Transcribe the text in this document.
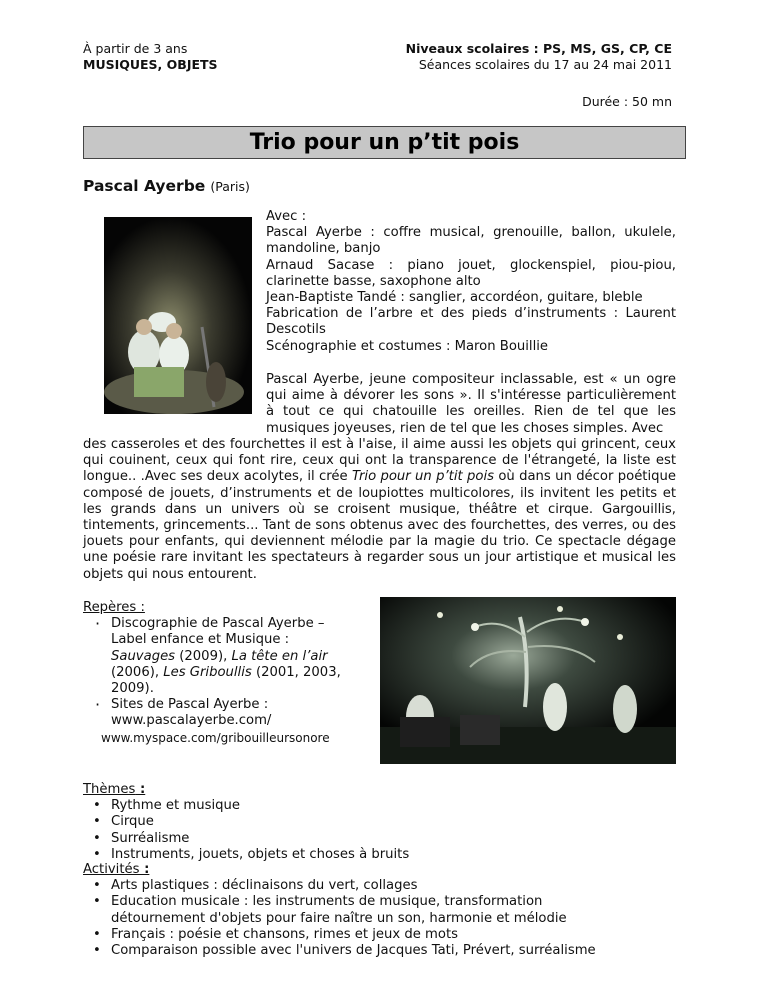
À partir de 3 ans
MUSIQUES, OBJETS
Niveaux scolaires : PS, MS, GS, CP, CE
Séances scolaires du 17 au 24 mai 2011
Durée : 50 mn
Trio pour un p’tit pois
Pascal Ayerbe (Paris)
Avec :
Pascal Ayerbe : coffre musical, grenouille, ballon, ukulele, mandoline, banjo
Arnaud Sacase : piano jouet, glockenspiel, piou-piou, clarinette basse, saxophone alto
Jean-Baptiste Tandé : sanglier, accordéon, guitare, bleble
Fabrication de l’arbre et des pieds d’instruments : Laurent Descotils
Scénographie et costumes : Maron Bouillie
Pascal Ayerbe, jeune compositeur inclassable, est « un ogre qui aime à dévorer les sons ». Il s'intéresse particulièrement à tout ce qui chatouille les oreilles. Rien de tel que les musiques joyeuses, rien de tel que les choses simples. Avec
des casseroles et des fourchettes il est à l'aise, il aime aussi les objets qui grincent, ceux qui couinent, ceux qui font rire, ceux qui ont la transparence de l'étrangeté, la liste est longue.. .Avec ses deux acolytes, il crée Trio pour un p’tit pois où dans un décor poétique composé de jouets, d’instruments et de loupiottes multicolores, ils invitent les petits et les grands dans un univers où se croisent musique, théâtre et cirque. Gargouillis, tintements, grincements... Tant de sons obtenus avec des fourchettes, des verres, ou des jouets pour enfants, qui deviennent mélodie par la magie du trio. Ce spectacle dégage une poésie rare invitant les spectateurs à regarder sous un jour artistique et musical les objets qui nous entourent.
Repères :
· Discographie de Pascal Ayerbe – Label enfance et Musique : Sauvages (2009), La tête en l’air (2006), Les Griboullis (2001, 2003, 2009).
· Sites de Pascal Ayerbe :
www.pascalayerbe.com/
www.myspace.com/gribouilleursonore
Thèmes :
• Rythme et musique
• Cirque
• Surréalisme
• Instruments, jouets, objets et choses à bruits
Activités :
• Arts plastiques : déclinaisons du vert, collages
• Education musicale : les instruments de musique, transformation détournement d'objets pour faire naître un son, harmonie et mélodie
• Français : poésie et chansons, rimes et jeux de mots
• Comparaison possible avec l'univers de Jacques Tati, Prévert, surréalisme
